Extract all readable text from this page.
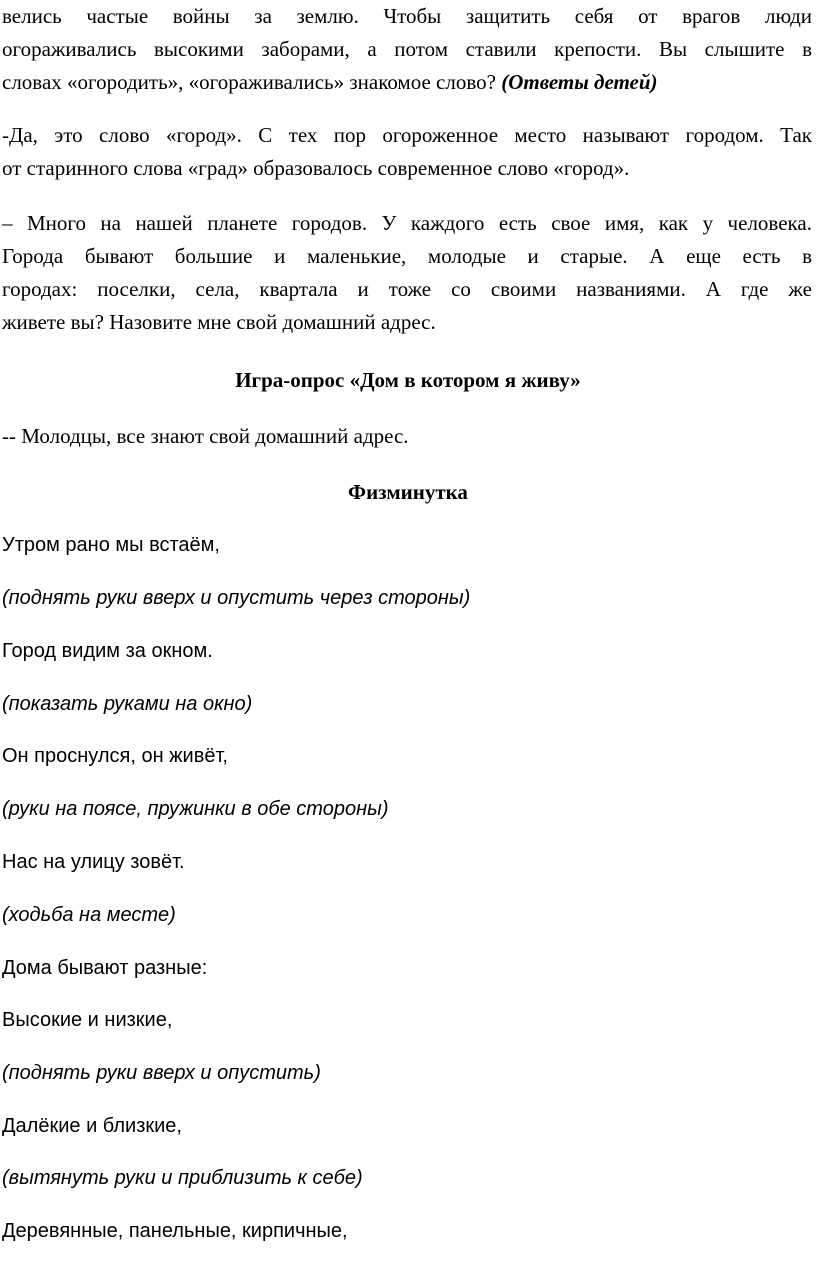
велись частые войны за землю. Чтобы защитить себя от врагов люди
огораживались высокими заборами, а потом ставили крепости. Вы слышите в
словах «огородить», «огораживались» знакомое слово? (Ответы детей)
-Да, это слово «город». С тех пор огороженное место называют городом. Так
от старинного слова «град» образовалось современное слово «город».
– Много на нашей планете городов. У каждого есть свое имя, как у человека.
Города бывают большие и маленькие, молодые и старые. А еще есть в
городах: поселки, села, квартала и тоже со своими названиями. А где же
живете вы? Назовите мне свой домашний адрес.
Игра-опрос «Дом в котором я живу»
-- Молодцы, все знают свой домашний адрес.
Физминутка
Утром рано мы встаём,
(поднять руки вверх и опустить через стороны)
Город видим за окном.
(показать руками на окно)
Он проснулся, он живёт,
(руки на поясе, пружинки в обе стороны)
Нас на улицу зовёт.
(ходьба на месте)
Дома бывают разные:
Высокие и низкие,
(поднять руки вверх и опустить)
Далёкие и близкие,
(вытянуть руки и приблизить к себе)
Деревянные, панельные, кирпичные,
